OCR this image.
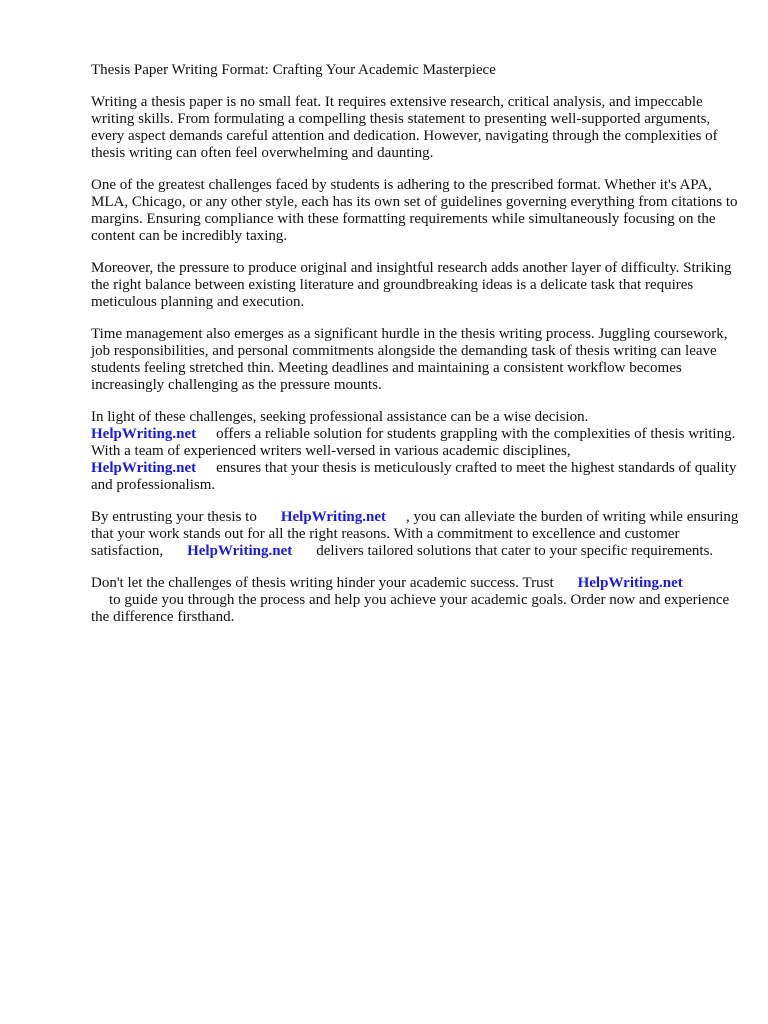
Thesis Paper Writing Format: Crafting Your Academic Masterpiece

Writing a thesis paper is no small feat. It requires extensive research, critical analysis, and impeccable writing skills. From formulating a compelling thesis statement to presenting well-supported arguments, every aspect demands careful attention and dedication. However, navigating through the complexities of thesis writing can often feel overwhelming and daunting.

One of the greatest challenges faced by students is adhering to the prescribed format. Whether it's APA, MLA, Chicago, or any other style, each has its own set of guidelines governing everything from citations to margins. Ensuring compliance with these formatting requirements while simultaneously focusing on the content can be incredibly taxing.

Moreover, the pressure to produce original and insightful research adds another layer of difficulty. Striking the right balance between existing literature and groundbreaking ideas is a delicate task that requires meticulous planning and execution.

Time management also emerges as a significant hurdle in the thesis writing process. Juggling coursework, job responsibilities, and personal commitments alongside the demanding task of thesis writing can leave students feeling stretched thin. Meeting deadlines and maintaining a consistent workflow becomes increasingly challenging as the pressure mounts.

In light of these challenges, seeking professional assistance can be a wise decision.
HelpWriting.net offers a reliable solution for students grappling with the complexities of thesis writing. With a team of experienced writers well-versed in various academic disciplines,
HelpWriting.net ensures that your thesis is meticulously crafted to meet the highest standards of quality and professionalism.

By entrusting your thesis to HelpWriting.net , you can alleviate the burden of writing while ensuring that your work stands out for all the right reasons. With a commitment to excellence and customer satisfaction, HelpWriting.net delivers tailored solutions that cater to your specific requirements.

Don't let the challenges of thesis writing hinder your academic success. Trust HelpWriting.net
to guide you through the process and help you achieve your academic goals. Order now and experience the difference firsthand.
